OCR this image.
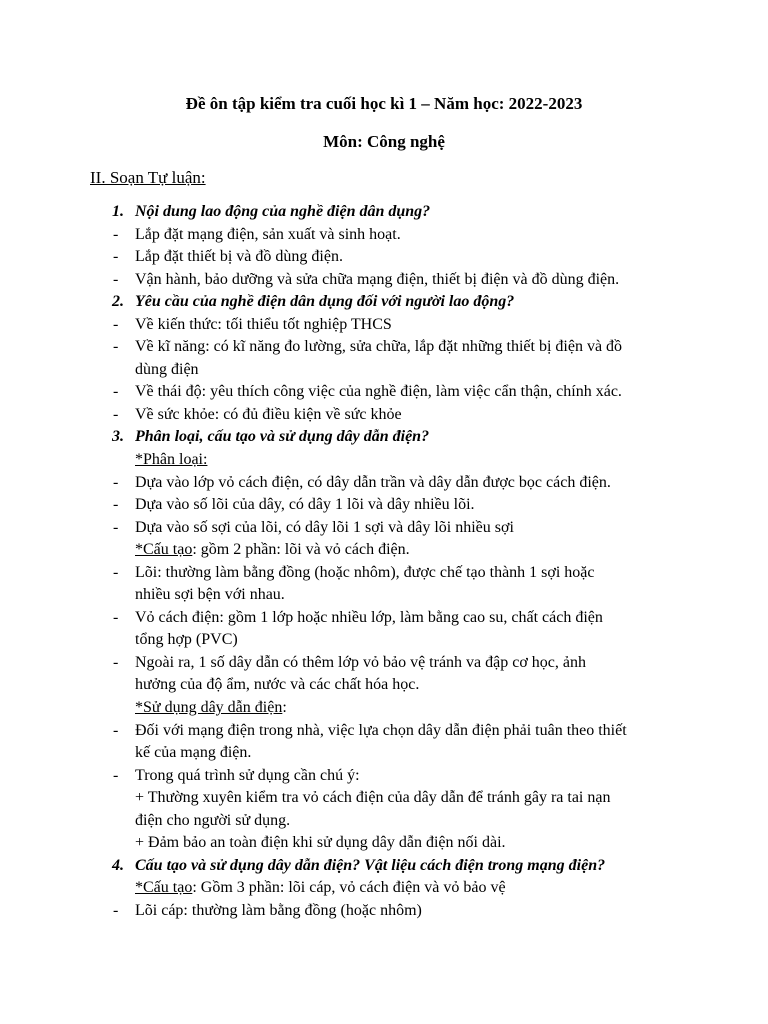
Đề ôn tập kiểm tra cuối học kì 1 – Năm học: 2022-2023
Môn: Công nghệ
II. Soạn Tự luận:
1. Nội dung lao động của nghề điện dân dụng?
- Lắp đặt mạng điện, sản xuất và sinh hoạt.
- Lắp đặt thiết bị và đồ dùng điện.
- Vận hành, bảo dưỡng và sửa chữa mạng điện, thiết bị điện và đồ dùng điện.
2. Yêu cầu của nghề điện dân dụng đối với người lao động?
- Về kiến thức: tối thiểu tốt nghiệp THCS
- Về kĩ năng: có kĩ năng đo lường, sửa chữa, lắp đặt những thiết bị điện và đồ
dùng điện
- Về thái độ: yêu thích công việc của nghề điện, làm việc cẩn thận, chính xác.
- Về sức khỏe: có đủ điều kiện về sức khỏe
3. Phân loại, cấu tạo và sử dụng dây dẫn điện?
*Phân loại:
- Dựa vào lớp vỏ cách điện, có dây dẫn trần và dây dẫn được bọc cách điện.
- Dựa vào số lõi của dây, có dây 1 lõi và dây nhiều lõi.
- Dựa vào số sợi của lõi, có dây lõi 1 sợi và dây lõi nhiều sợi
*Cấu tạo: gồm 2 phần: lõi và vỏ cách điện.
- Lõi: thường làm bằng đồng (hoặc nhôm), được chế tạo thành 1 sợi hoặc
nhiều sợi bện với nhau.
- Vỏ cách điện: gồm 1 lớp hoặc nhiều lớp, làm bằng cao su, chất cách điện
tổng hợp (PVC)
- Ngoài ra, 1 số dây dẫn có thêm lớp vỏ bảo vệ tránh va đập cơ học, ảnh
hưởng của độ ẩm, nước và các chất hóa học.
*Sử dụng dây dẫn điện:
- Đối với mạng điện trong nhà, việc lựa chọn dây dẫn điện phải tuân theo thiết
kế của mạng điện.
- Trong quá trình sử dụng cần chú ý:
+ Thường xuyên kiểm tra vỏ cách điện của dây dẫn để tránh gây ra tai nạn
điện cho người sử dụng.
+ Đảm bảo an toàn điện khi sử dụng dây dẫn điện nối dài.
4. Cấu tạo và sử dụng dây dẫn điện? Vật liệu cách điện trong mạng điện?
*Cấu tạo: Gồm 3 phần: lõi cáp, vỏ cách điện và vỏ bảo vệ
- Lõi cáp: thường làm bằng đồng (hoặc nhôm)
